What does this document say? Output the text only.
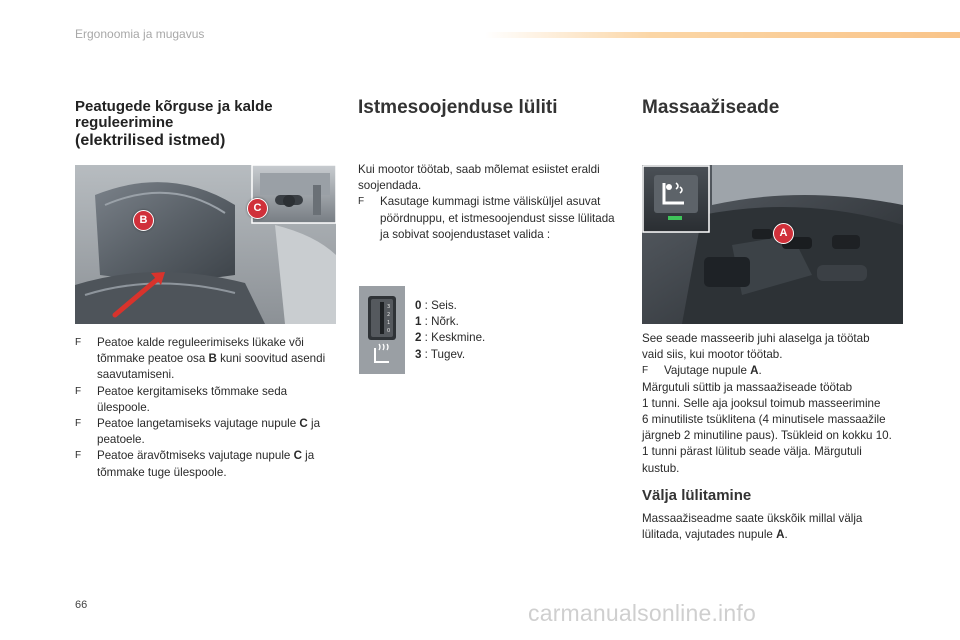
Ergonoomia ja mugavus
Peatugede kõrguse ja kalde
reguleerimine
(elektrilised istmed)
B
C
F Peatoe kalde reguleerimiseks lükake või tõmmake peatoe osa B kuni soovitud asendi saavutamiseni.
F Peatoe kergitamiseks tõmmake seda ülespoole.
F Peatoe langetamiseks vajutage nupule C ja peatoele.
F Peatoe äravõtmiseks vajutage nupule C ja tõmmake tuge ülespoole.
Istmesoojenduse lüliti
Kui mootor töötab, saab mõlemat esiistet eraldi soojendada.
F Kasutage kummagi istme välisküljel asuvat pöördnuppu, et istmesoojendust sisse lülitada ja sobivat soojendustaset valida :
3
2
1
0
0 : Seis.
1 : Nõrk.
2 : Keskmine.
3 : Tugev.
Massaažiseade
A
See seade masseerib juhi alaselga ja töötab vaid siis, kui mootor töötab.
F Vajutage nupule A.
Märgutuli süttib ja massaažiseade töötab
1 tunni. Selle aja jooksul toimub masseerimine
6 minutiliste tsüklitena (4 minutisele massaažile
järgneb 2 minutiline paus). Tsükleid on kokku 10.
1 tunni pärast lülitub seade välja. Märgutuli
kustub.
Välja lülitamine
Massaažiseadme saate ükskõik millal välja lülitada, vajutades nupule A.
66	carmanualsonline.info
